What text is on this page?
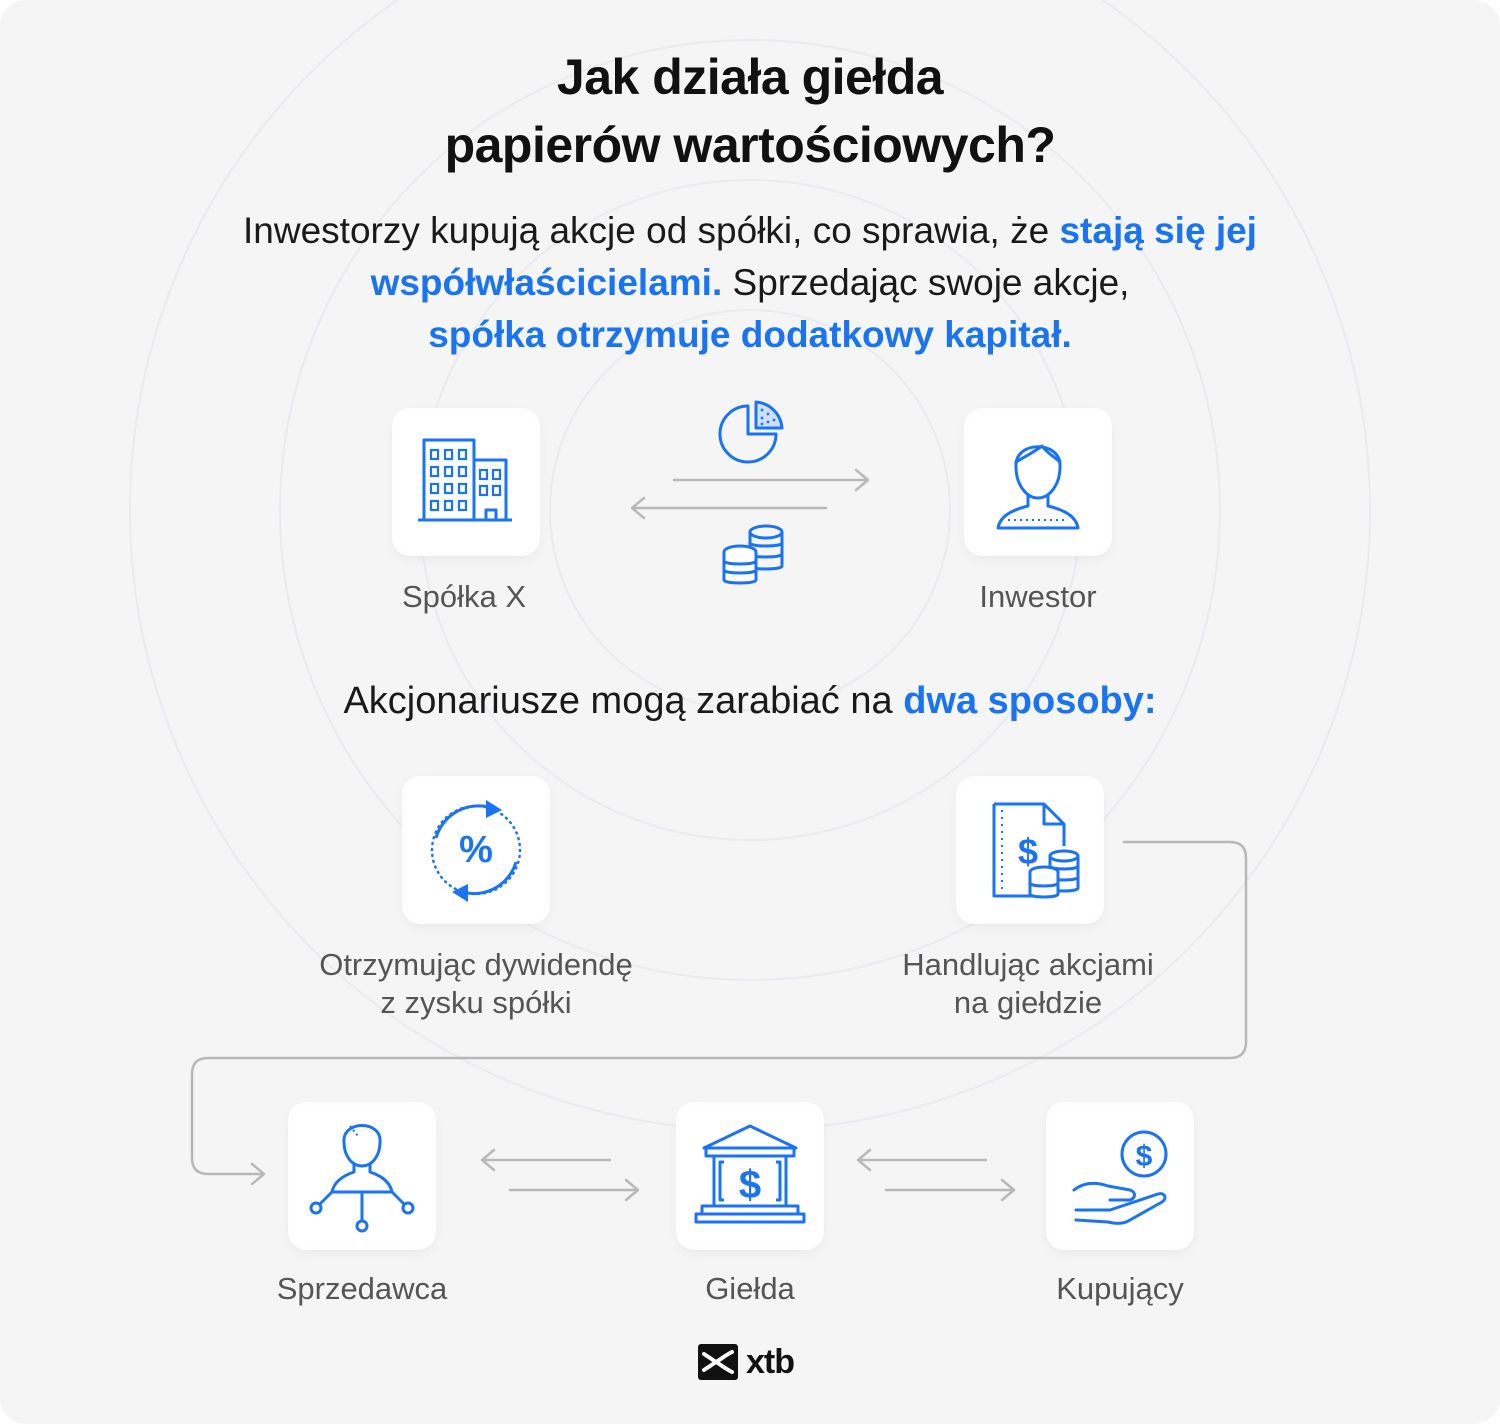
Jak działa giełda
papierów wartościowych?
Inwestorzy kupują akcje od spółki, co sprawia, że stają się jej współwłaścicielami. Sprzedając swoje akcje,
spółka otrzymuje dodatkowy kapitał.
Spółka X	Inwestor
Akcjonariusze mogą zarabiać na dwa sposoby:
%
Otrzymując dywidendę
z zysku spółki
$
Handlując akcjami
na giełdzie
Sprzedawca
$
Giełda
$
Kupujący
xtb
